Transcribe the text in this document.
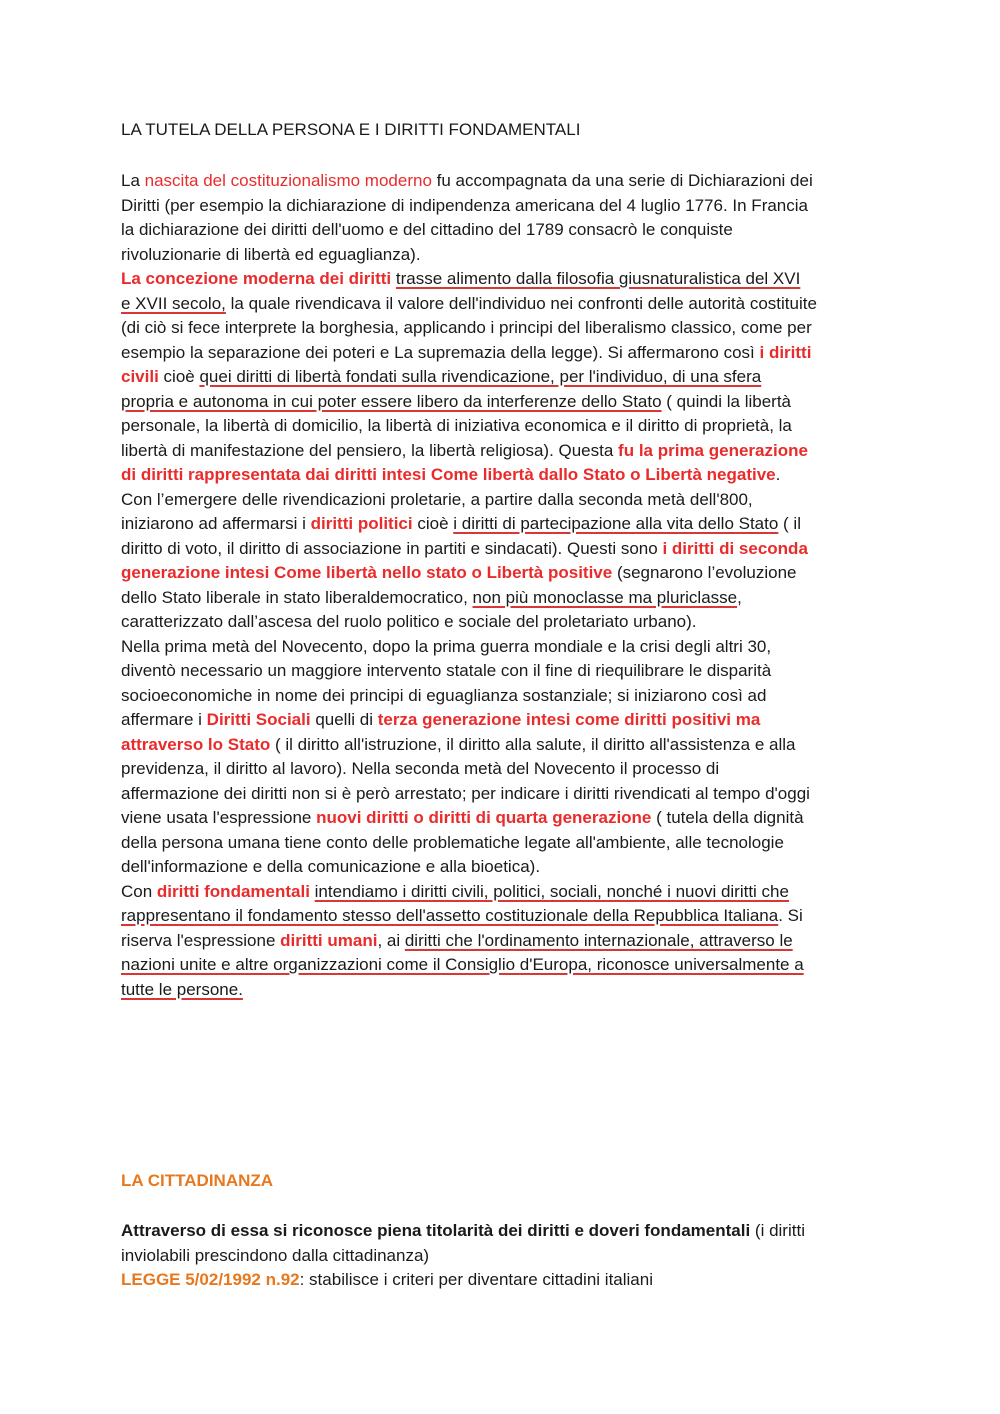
LA TUTELA DELLA PERSONA E I DIRITTI FONDAMENTALI
La nascita del costituzionalismo moderno fu accompagnata da una serie di Dichiarazioni dei
Diritti (per esempio la dichiarazione di indipendenza americana del 4 luglio 1776. In Francia
la dichiarazione dei diritti dell'uomo e del cittadino del 1789 consacrò le conquiste
rivoluzionarie di libertà ed eguaglianza).
La concezione moderna dei diritti trasse alimento dalla filosofia giusnaturalistica del XVI
e XVII secolo, la quale rivendicava il valore dell'individuo nei confronti delle autorità costituite
(di ciò si fece interprete la borghesia, applicando i principi del liberalismo classico, come per
esempio la separazione dei poteri e La supremazia della legge). Si affermarono così i diritti
civili cioè quei diritti di libertà fondati sulla rivendicazione, per l'individuo, di una sfera
propria e autonoma in cui poter essere libero da interferenze dello Stato ( quindi la libertà
personale, la libertà di domicilio, la libertà di iniziativa economica e il diritto di proprietà, la
libertà di manifestazione del pensiero, la libertà religiosa). Questa fu la prima generazione
di diritti rappresentata dai diritti intesi Come libertà dallo Stato o Libertà negative.
Con l’emergere delle rivendicazioni proletarie, a partire dalla seconda metà dell'800,
iniziarono ad affermarsi i diritti politici cioè i diritti di partecipazione alla vita dello Stato ( il
diritto di voto, il diritto di associazione in partiti e sindacati). Questi sono i diritti di seconda
generazione intesi Come libertà nello stato o Libertà positive (segnarono l’evoluzione
dello Stato liberale in stato liberaldemocratico, non più monoclasse ma pluriclasse,
caratterizzato dall’ascesa del ruolo politico e sociale del proletariato urbano).
Nella prima metà del Novecento, dopo la prima guerra mondiale e la crisi degli altri 30,
diventò necessario un maggiore intervento statale con il fine di riequilibrare le disparità
socioeconomiche in nome dei principi di eguaglianza sostanziale; si iniziarono così ad
affermare i Diritti Sociali quelli di terza generazione intesi come diritti positivi ma
attraverso lo Stato ( il diritto all'istruzione, il diritto alla salute, il diritto all'assistenza e alla
previdenza, il diritto al lavoro). Nella seconda metà del Novecento il processo di
affermazione dei diritti non si è però arrestato; per indicare i diritti rivendicati al tempo d'oggi
viene usata l'espressione nuovi diritti o diritti di quarta generazione ( tutela della dignità
della persona umana tiene conto delle problematiche legate all'ambiente, alle tecnologie
dell'informazione e della comunicazione e alla bioetica).
Con diritti fondamentali intendiamo i diritti civili, politici, sociali, nonché i nuovi diritti che
rappresentano il fondamento stesso dell'assetto costituzionale della Repubblica Italiana. Si
riserva l'espressione diritti umani, ai diritti che l'ordinamento internazionale, attraverso le
nazioni unite e altre organizzazioni come il Consiglio d'Europa, riconosce universalmente a
tutte le persone.
LA CITTADINANZA
Attraverso di essa si riconosce piena titolarità dei diritti e doveri fondamentali (i diritti
inviolabili prescindono dalla cittadinanza)
LEGGE 5/02/1992 n.92: stabilisce i criteri per diventare cittadini italiani
